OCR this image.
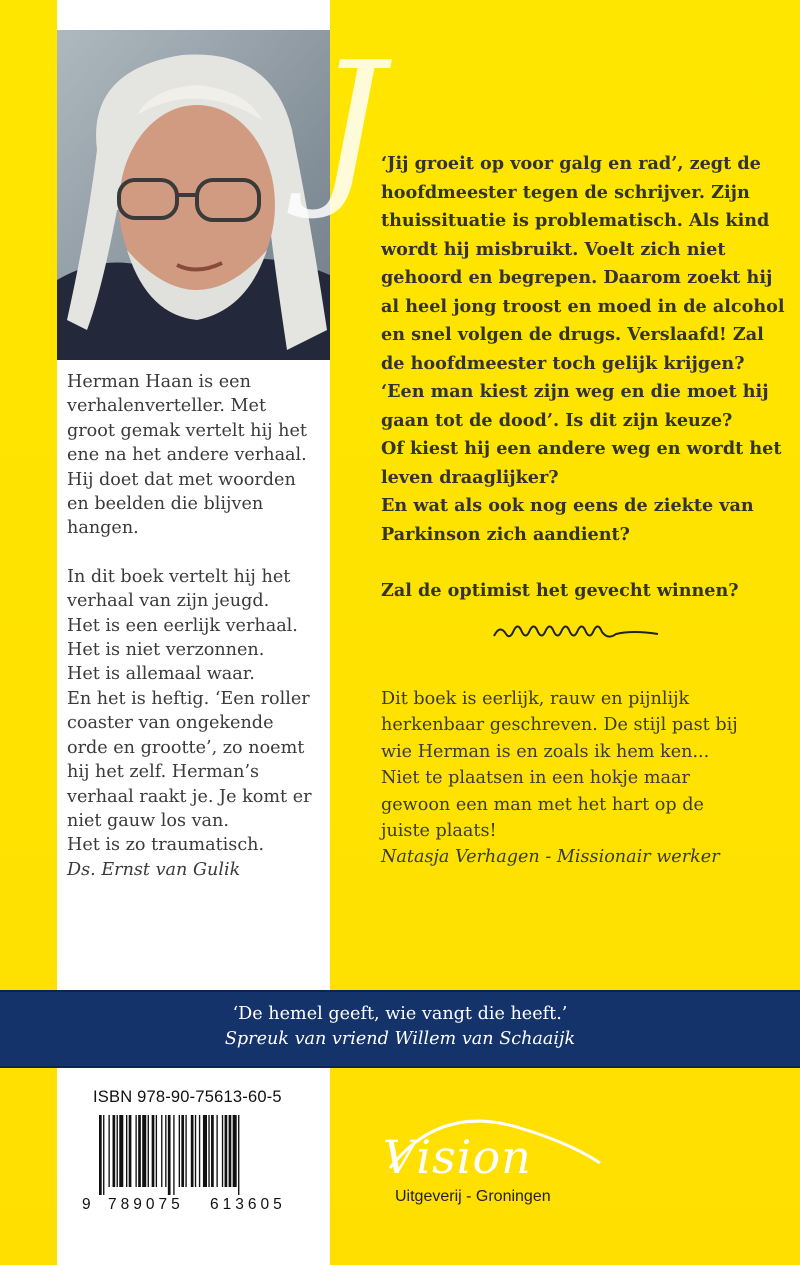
Herman Haan is een
verhalenverteller. Met
groot gemak vertelt hij het
ene na het andere verhaal.
Hij doet dat met woorden
en beelden die blijven
hangen.

In dit boek vertelt hij het
verhaal van zijn jeugd.
Het is een eerlijk verhaal.
Het is niet verzonnen.
Het is allemaal waar.
En het is heftig. ‘Een roller
coaster van ongekende
orde en grootte’, zo noemt
hij het zelf. Herman’s
verhaal raakt je. Je komt er
niet gauw los van.
Het is zo traumatisch.

Ds. Ernst van Gulik

J

‘Jij groeit op voor galg en rad’, zegt de
hoofdmeester tegen de schrijver. Zijn
thuissituatie is problematisch. Als kind
wordt hij misbruikt. Voelt zich niet
gehoord en begrepen. Daarom zoekt hij
al heel jong troost en moed in de alcohol
en snel volgen de drugs. Verslaafd! Zal
de hoofdmeester toch gelijk krijgen?
‘Een man kiest zijn weg en die moet hij
gaan tot de dood’. Is dit zijn keuze?
Of kiest hij een andere weg en wordt het
leven draaglijker?
En wat als ook nog eens de ziekte van
Parkinson zich aandient?

Zal de optimist het gevecht winnen?

Dit boek is eerlijk, rauw en pijnlijk
herkenbaar geschreven. De stijl past bij
wie Herman is en zoals ik hem ken...
Niet te plaatsen in een hokje maar
gewoon een man met het hart op de
juiste plaats!

Natasja Verhagen - Missionair werker

‘De hemel geeft, wie vangt die heeft.’
Spreuk van vriend Willem van Schaaijk
ISBN 978-90-75613-60-5
9 789075 613605
Vision
Uitgeverij - Groningen
